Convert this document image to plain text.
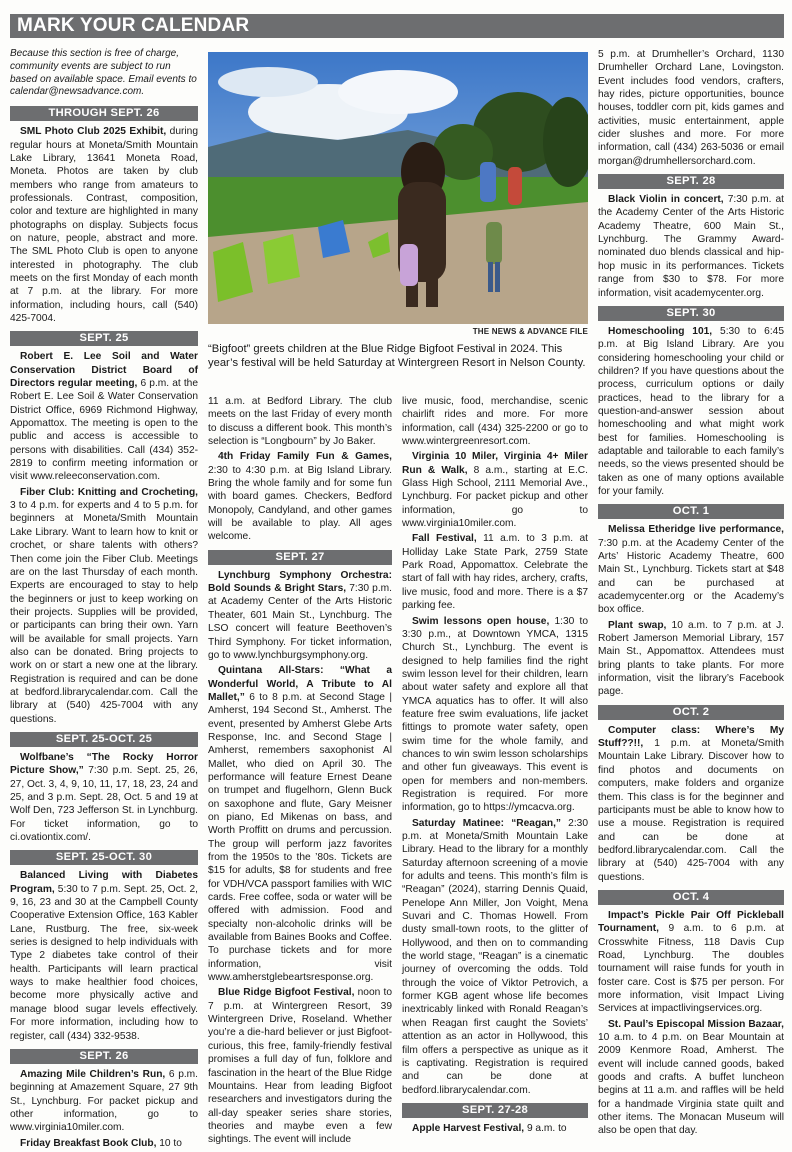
MARK YOUR CALENDAR

Because this section is free of charge, community events are subject to run based on available space. Email events to calendar@newsadvance.com.

THROUGH SEPT. 26

SML Photo Club 2025 Exhibit, during regular hours at Moneta/Smith Mountain Lake Library, 13641 Moneta Road, Moneta. Photos are taken by club members who range from amateurs to professionals. Contrast, composition, color and texture are highlighted in many photographs on display. Subjects focus on nature, people, abstract and more. The SML Photo Club is open to anyone interested in photography. The club meets on the first Monday of each month at 7 p.m. at the library. For more information, including hours, call (540) 425-7004.

SEPT. 25

Robert E. Lee Soil and Water Conservation District Board of Directors regular meeting, 6 p.m. at the Robert E. Lee Soil & Water Conservation District Office, 6969 Richmond Highway, Appomattox. The meeting is open to the public and access is accessible to persons with disabilities. Call (434) 352-2819 to confirm meeting information or visit www.releeconservation.com.

Fiber Club: Knitting and Crocheting, 3 to 4 p.m. for experts and 4 to 5 p.m. for beginners at Moneta/Smith Mountain Lake Library. Want to learn how to knit or crochet, or share talents with others? Then come join the Fiber Club. Meetings are on the last Thursday of each month. Experts are encouraged to stay to help the beginners or just to keep working on their projects. Supplies will be provided, or participants can bring their own. Yarn will be available for small projects. Yarn also can be donated. Bring projects to work on or start a new one at the library. Registration is required and can be done at bedford.librarycalendar.com. Call the library at (540) 425-7004 with any questions.

SEPT. 25-OCT. 25

Wolfbane’s “The Rocky Horror Picture Show,” 7:30 p.m. Sept. 25, 26, 27, Oct. 3, 4, 9, 10, 11, 17, 18, 23, 24 and 25, and 3 p.m. Sept. 28, Oct. 5 and 19 at Wolf Den, 723 Jefferson St. in Lynchburg. For ticket information, go to ci.ovationtix.com/.

SEPT. 25-OCT. 30

Balanced Living with Diabetes Program, 5:30 to 7 p.m. Sept. 25, Oct. 2, 9, 16, 23 and 30 at the Campbell County Cooperative Extension Office, 163 Kabler Lane, Rustburg. The free, six-week series is designed to help individuals with Type 2 diabetes take control of their health. Participants will learn practical ways to make healthier food choices, become more physically active and manage blood sugar levels effectively. For more information, including how to register, call (434) 332-9538.

SEPT. 26

Amazing Mile Children’s Run, 6 p.m. beginning at Amazement Square, 27 9th St., Lynchburg. For packet pickup and other information, go to www.virginia10miler.com.

Friday Breakfast Book Club, 10 to

THE NEWS & ADVANCE FILE
“Bigfoot” greets children at the Blue Ridge Bigfoot Festival in 2024. This year’s festival will be held Saturday at Wintergreen Resort in Nelson County.

11 a.m. at Bedford Library. The club meets on the last Friday of every month to discuss a different book. This month’s selection is “Longbourn” by Jo Baker.

4th Friday Family Fun & Games, 2:30 to 4:30 p.m. at Big Island Library. Bring the whole family and for some fun with board games. Checkers, Bedford Monopoly, Candyland, and other games will be available to play. All ages welcome.

SEPT. 27

Lynchburg Symphony Orchestra: Bold Sounds & Bright Stars, 7:30 p.m. at Academy Center of the Arts Historic Theater, 601 Main St., Lynchburg. The LSO concert will feature Beethoven’s Third Symphony. For ticket information, go to www.lynchburgsymphony.org.

Quintana All-Stars: “What a Wonderful World, A Tribute to Al Mallet,” 6 to 8 p.m. at Second Stage | Amherst, 194 Second St., Amherst. The event, presented by Amherst Glebe Arts Response, Inc. and Second Stage | Amherst, remembers saxophonist Al Mallet, who died on April 30. The performance will feature Ernest Deane on trumpet and flugelhorn, Glenn Buck on saxophone and flute, Gary Meisner on piano, Ed Mikenas on bass, and Worth Proffitt on drums and percussion. The group will perform jazz favorites from the 1950s to the ’80s. Tickets are $15 for adults, $8 for students and free for VDH/VCA passport families with WIC cards. Free coffee, soda or water will be offered with admission. Food and specialty non-alcoholic drinks will be available from Baines Books and Coffee. To purchase tickets and for more information, visit www.amherstglebeartsresponse.org.

Blue Ridge Bigfoot Festival, noon to 7 p.m. at Wintergreen Resort, 39 Wintergreen Drive, Roseland. Whether you’re a die-hard believer or just Bigfoot-curious, this free, family-friendly festival promises a full day of fun, folklore and fascination in the heart of the Blue Ridge Mountains. Hear from leading Bigfoot researchers and investigators during the all-day speaker series share stories, theories and maybe even a few sightings. The event will include

live music, food, merchandise, scenic chairlift rides and more. For more information, call (434) 325-2200 or go to www.wintergreenresort.com.

Virginia 10 Miler, Virginia 4+ Miler Run & Walk, 8 a.m., starting at E.C. Glass High School, 2111 Memorial Ave., Lynchburg. For packet pickup and other information, go to www.virginia10miler.com.

Fall Festival, 11 a.m. to 3 p.m. at Holliday Lake State Park, 2759 State Park Road, Appomattox. Celebrate the start of fall with hay rides, archery, crafts, live music, food and more. There is a $7 parking fee.

Swim lessons open house, 1:30 to 3:30 p.m., at Downtown YMCA, 1315 Church St., Lynchburg. The event is designed to help families find the right swim lesson level for their children, learn about water safety and explore all that YMCA aquatics has to offer. It will also feature free swim evaluations, life jacket fittings to promote water safety, open swim time for the whole family, and chances to win swim lesson scholarships and other fun giveaways. This event is open for members and non-members. Registration is required. For more information, go to https://ymcacva.org.

Saturday Matinee: “Reagan,” 2:30 p.m. at Moneta/Smith Mountain Lake Library. Head to the library for a monthly Saturday afternoon screening of a movie for adults and teens. This month’s film is “Reagan” (2024), starring Dennis Quaid, Penelope Ann Miller, Jon Voight, Mena Suvari and C. Thomas Howell. From dusty small-town roots, to the glitter of Hollywood, and then on to commanding the world stage, “Reagan” is a cinematic journey of overcoming the odds. Told through the voice of Viktor Petrovich, a former KGB agent whose life becomes inextricably linked with Ronald Reagan’s when Reagan first caught the Soviets’ attention as an actor in Hollywood, this film offers a perspective as unique as it is captivating. Registration is required and can be done at bedford.librarycalendar.com.

SEPT. 27-28

Apple Harvest Festival, 9 a.m. to

5 p.m. at Drumheller’s Orchard, 1130 Drumheller Orchard Lane, Lovingston. Event includes food vendors, crafters, hay rides, picture opportunities, bounce houses, toddler corn pit, kids games and activities, music entertainment, apple cider slushes and more. For more information, call (434) 263-5036 or email morgan@drumhellersorchard.com.

SEPT. 28

Black Violin in concert, 7:30 p.m. at the Academy Center of the Arts Historic Academy Theatre, 600 Main St., Lynchburg. The Grammy Award-nominated duo blends classical and hip-hop music in its performances. Tickets range from $30 to $78. For more information, visit academycenter.org.

SEPT. 30

Homeschooling 101, 5:30 to 6:45 p.m. at Big Island Library. Are you considering homeschooling your child or children? If you have questions about the process, curriculum options or daily practices, head to the library for a question-and-answer session about homeschooling and what might work best for families. Homeschooling is adaptable and tailorable to each family’s needs, so the views presented should be taken as one of many options available for your family.

OCT. 1

Melissa Etheridge live performance, 7:30 p.m. at the Academy Center of the Arts’ Historic Academy Theatre, 600 Main St., Lynchburg. Tickets start at $48 and can be purchased at academycenter.org or the Academy’s box office.

Plant swap, 10 a.m. to 7 p.m. at J. Robert Jamerson Memorial Library, 157 Main St., Appomattox. Attendees must bring plants to take plants. For more information, visit the library’s Facebook page.

OCT. 2

Computer class: Where’s My Stuff??!!, 1 p.m. at Moneta/Smith Mountain Lake Library. Discover how to find photos and documents on computers, make folders and organize them. This class is for the beginner and participants must be able to know how to use a mouse. Registration is required and can be done at bedford.librarycalendar.com. Call the library at (540) 425-7004 with any questions.

OCT. 4

Impact’s Pickle Pair Off Pickleball Tournament, 9 a.m. to 6 p.m. at Crosswhite Fitness, 118 Davis Cup Road, Lynchburg. The doubles tournament will raise funds for youth in foster care. Cost is $75 per person. For more information, visit Impact Living Services at impactlivingservices.org.

St. Paul’s Episcopal Mission Bazaar, 10 a.m. to 4 p.m. on Bear Mountain at 2009 Kenmore Road, Amherst. The event will include canned goods, baked goods and crafts. A buffet luncheon begins at 11 a.m. and raffles will be held for a handmade Virginia state quilt and other items. The Monacan Museum will also be open that day.
